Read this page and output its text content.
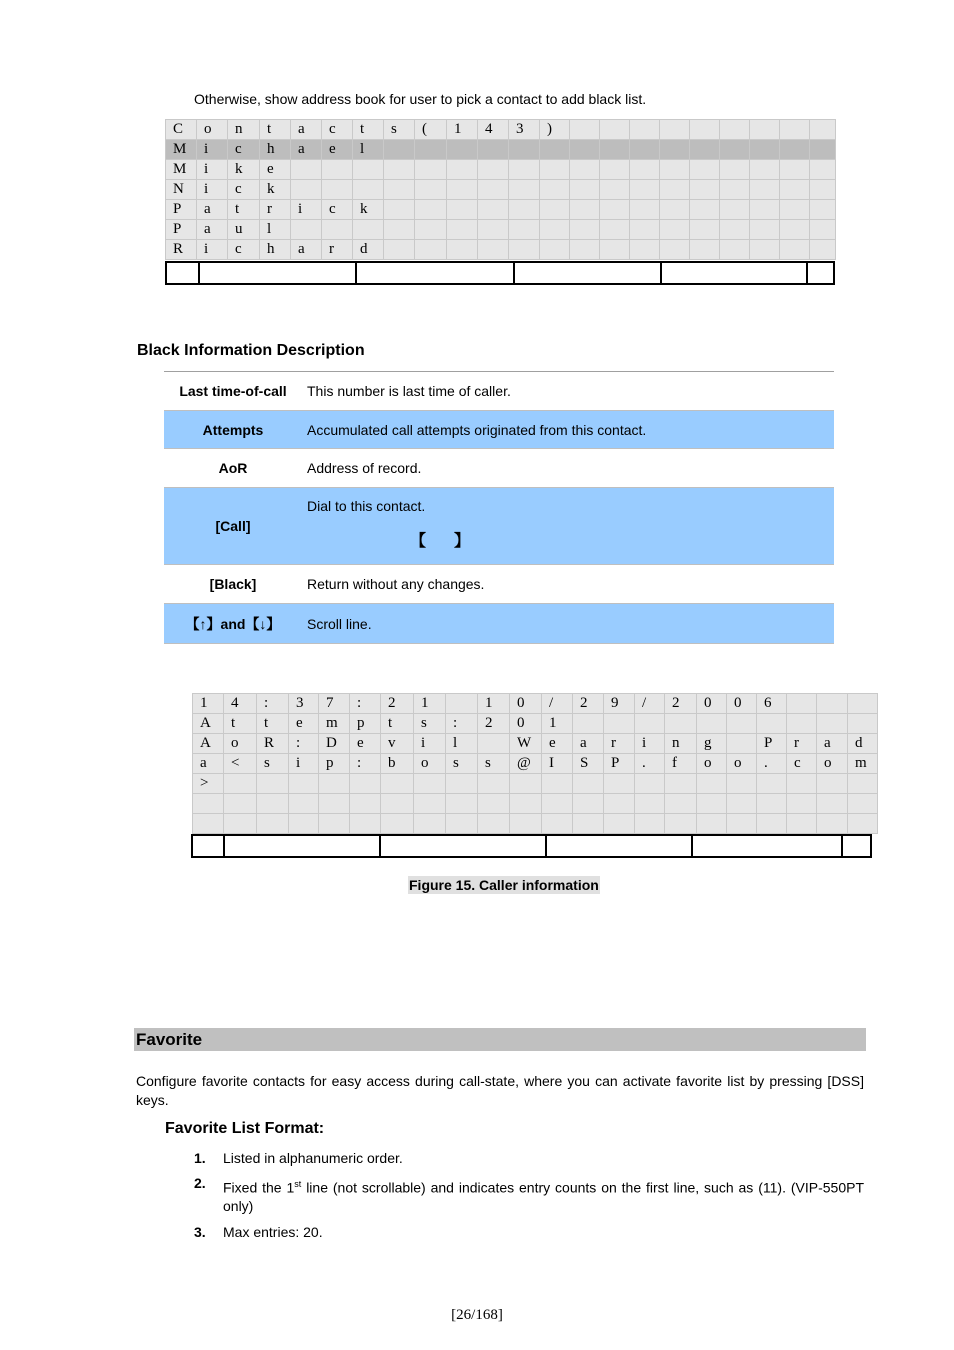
Otherwise, show address book for user to pick a contact to add black list.
C	o	n	t	a	c	t	s	(	1	4	3	)									
M	i	c	h	a	e	l															
M	i	k	e																		
N	i	c	k																		
P	a	t	r	i	c	k															
P	a	u	l																		
R	i	c	h	a	r	d															

Black Information Description
Last time-of-call	This number is last time of caller.
Attempts	Accumulated call attempts originated from this contact.
AoR	Address of record.
[Call]	Dial to this contact.
【】
[Black]	Return without any changes.
【↑】and【↓】	Scroll line.
1	4	:	3	7	:	2	1		1	0	/	2	9	/	2	0	0	6			
A	t	t	e	m	p	t	s	:	2	0	1										
A	o	R	:	D	e	v	i	l		W	e	a	r	i	n	g		P	r	a	d
a	<	s	i	p	:	b	o	s	s	@	I	S	P	.	f	o	o	.	c	o	m
>																					

Figure 15. Caller information
Favorite
Configure favorite contacts for easy access during call-state, where you can activate favorite list by pressing [DSS] keys.
Favorite List Format:
1. Listed in alphanumeric order.
2. Fixed the 1st line (not scrollable) and indicates entry counts on the first line, such as (11). (VIP-550PT only)
3. Max entries: 20.
[26/168]
